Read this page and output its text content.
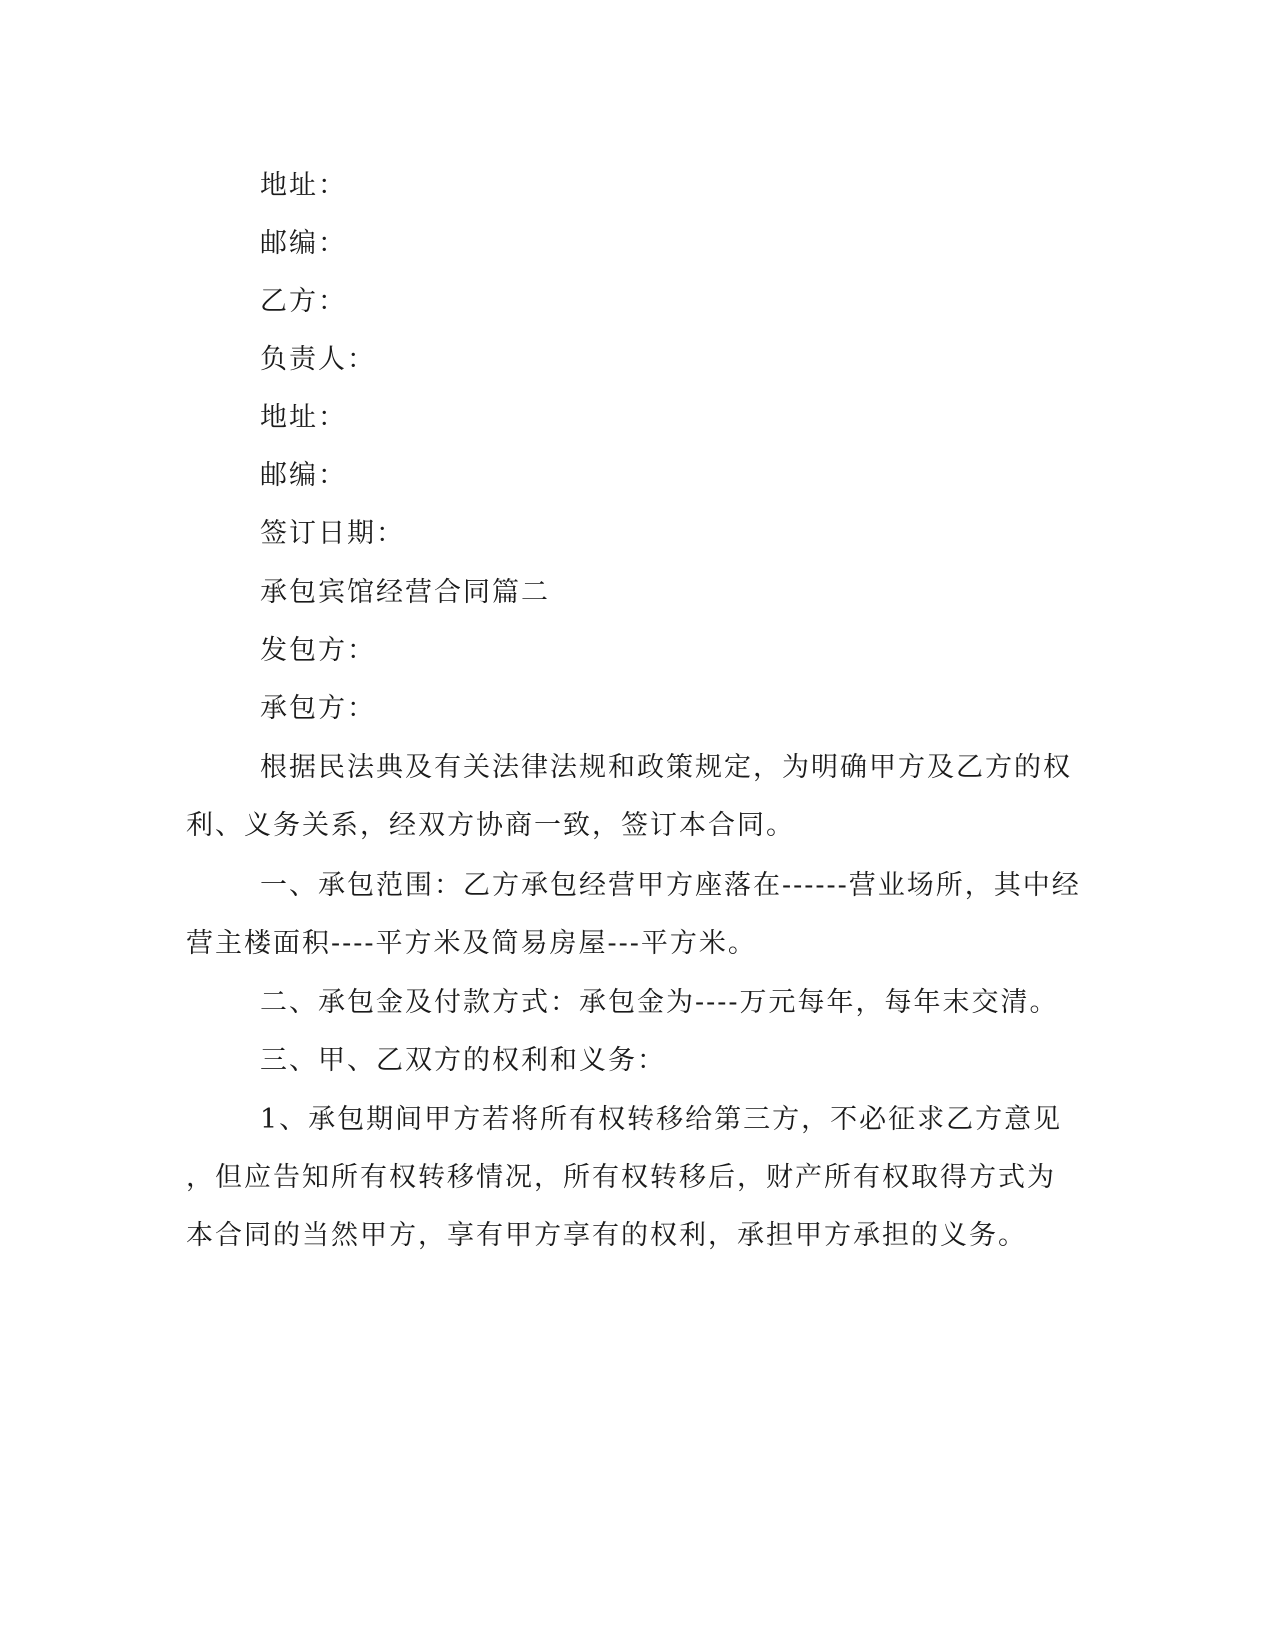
地址：
邮编：
乙方：
负责人：
地址：
邮编：
签订日期：
承包宾馆经营合同篇二
发包方：
承包方：
根据民法典及有关法律法规和政策规定，为明确甲方及乙方的权
利、义务关系，经双方协商一致，签订本合同。
一、承包范围：乙方承包经营甲方座落在------营业场所，其中经
营主楼面积----平方米及简易房屋---平方米。
二、承包金及付款方式：承包金为----万元每年，每年末交清。
三、甲、乙双方的权利和义务：
1、承包期间甲方若将所有权转移给第三方，不必征求乙方意见
，但应告知所有权转移情况，所有权转移后，财产所有权取得方式为
本合同的当然甲方，享有甲方享有的权利，承担甲方承担的义务。
